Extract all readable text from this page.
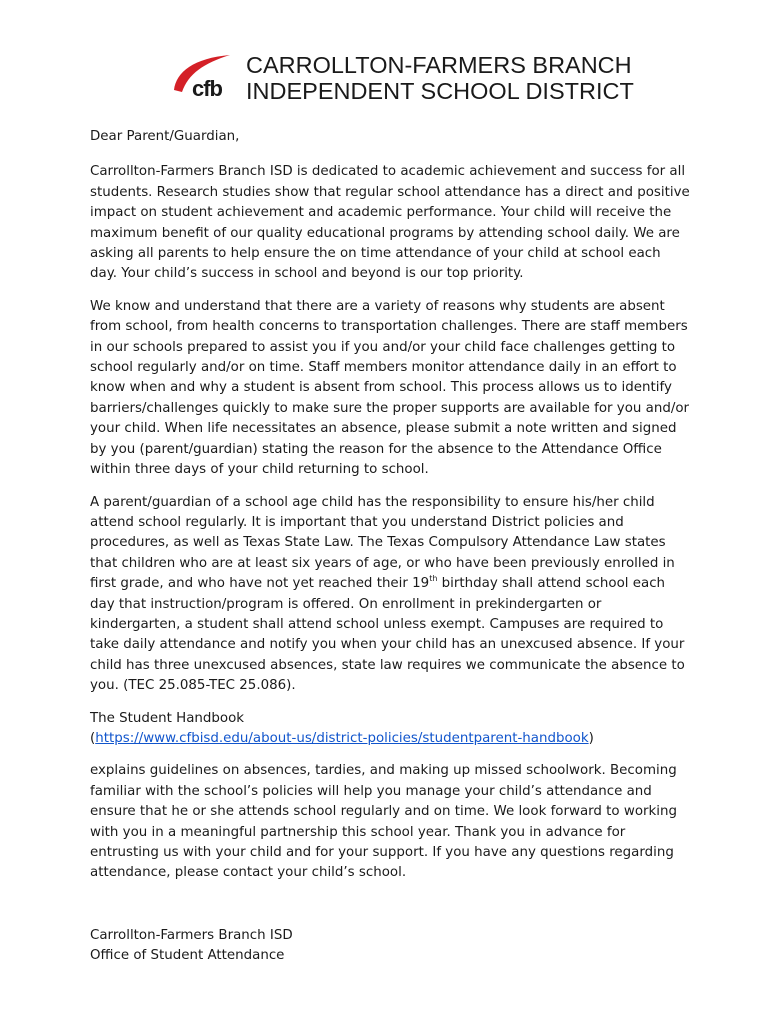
cfb
CARROLLTON-FARMERS BRANCH
INDEPENDENT SCHOOL DISTRICT

Dear Parent/Guardian,

Carrollton-Farmers Branch ISD is dedicated to academic achievement and success for all students. Research studies show that regular school attendance has a direct and positive impact on student achievement and academic performance. Your child will receive the maximum benefit of our quality educational programs by attending school daily. We are asking all parents to help ensure the on time attendance of your child at school each day. Your child’s success in school and beyond is our top priority.

We know and understand that there are a variety of reasons why students are absent from school, from health concerns to transportation challenges. There are staff members in our schools prepared to assist you if you and/or your child face challenges getting to school regularly and/or on time. Staff members monitor attendance daily in an effort to know when and why a student is absent from school. This process allows us to identify barriers/challenges quickly to make sure the proper supports are available for you and/or your child. When life necessitates an absence, please submit a note written and signed by you (parent/guardian) stating the reason for the absence to the Attendance Office within three days of your child returning to school.

A parent/guardian of a school age child has the responsibility to ensure his/her child attend school regularly. It is important that you understand District policies and procedures, as well as Texas State Law. The Texas Compulsory Attendance Law states that children who are at least six years of age, or who have been previously enrolled in first grade, and who have not yet reached their 19th birthday shall attend school each day that instruction/program is offered. On enrollment in prekindergarten or kindergarten, a student shall attend school unless exempt. Campuses are required to take daily attendance and notify you when your child has an unexcused absence. If your child has three unexcused absences, state law requires we communicate the absence to you. (TEC 25.085-TEC 25.086).

The Student Handbook
(https://www.cfbisd.edu/about-us/district-policies/studentparent-handbook)

explains guidelines on absences, tardies, and making up missed schoolwork. Becoming familiar with the school’s policies will help you manage your child’s attendance and ensure that he or she attends school regularly and on time. We look forward to working with you in a meaningful partnership this school year. Thank you in advance for entrusting us with your child and for your support. If you have any questions regarding attendance, please contact your child’s school.

Carrollton-Farmers Branch ISD
Office of Student Attendance
